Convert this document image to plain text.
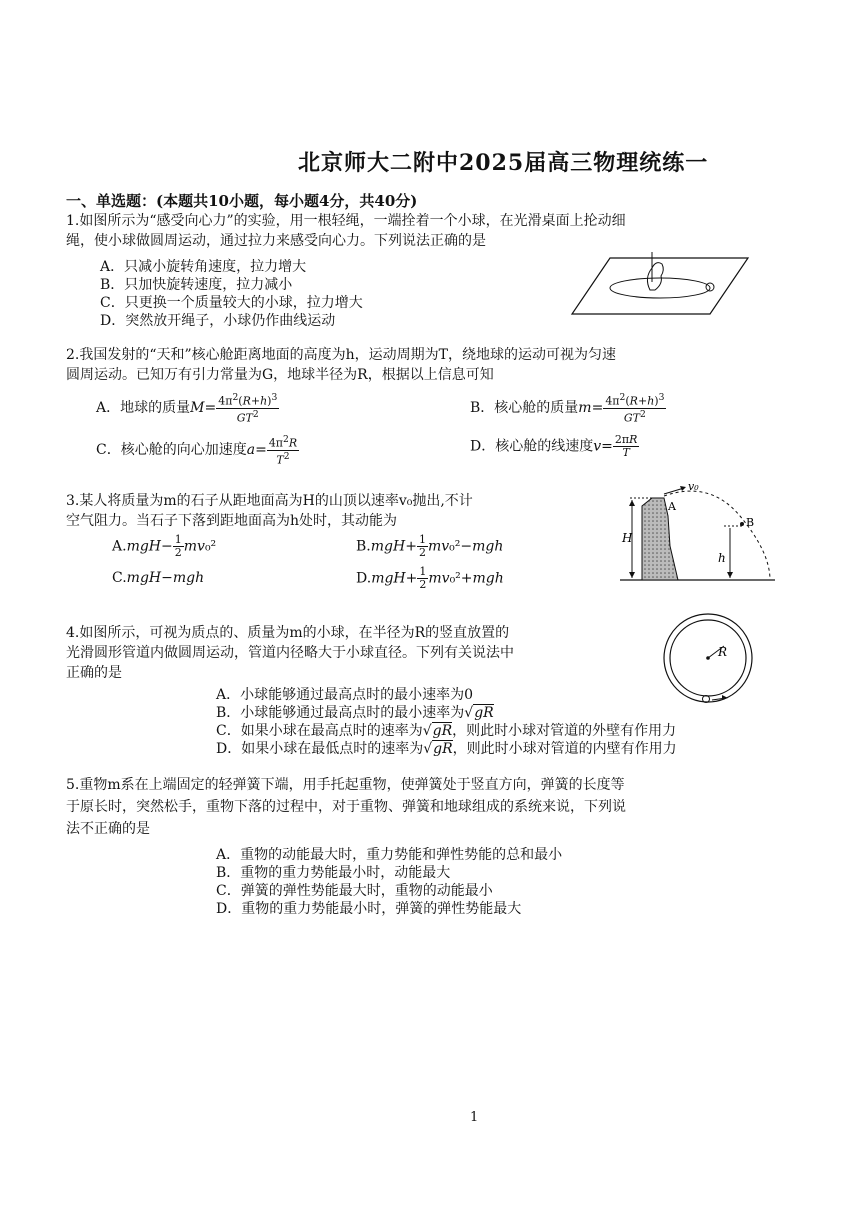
北京师大二附中2025届高三物理统练一
一、单选题：(本题共10小题，每小题4分，共40分)
1.如图所示为“感受向心力”的实验，用一根轻绳，一端拴着一个小球，在光滑桌面上抡动细
绳，使小球做圆周运动，通过拉力来感受向心力。下列说法正确的是
A．只减小旋转角速度，拉力增大
B．只加快旋转速度，拉力减小
C．只更换一个质量较大的小球，拉力增大
D．突然放开绳子，小球仍作曲线运动
2.我国发射的“天和”核心舱距离地面的高度为h，运动周期为T，绕地球的运动可视为匀速
圆周运动。已知万有引力常量为G，地球半径为R，根据以上信息可知
A．地球的质量$M= \frac{4\pi^2(R+h)^3}{GT^2}$	B．核心舱的质量$m= \frac{4\pi^2(R+h)^3}{GT^2}$
C．核心舱的向心加速度$a= \frac{4\pi^2R}{T^2}$	D．核心舱的线速度$v= \frac{2\pi R}{T}$
3.某人将质量为m的石子从距地面高为H的山顶以速率v₀抛出,不计
空气阻力。当石子下落到距地面高为h处时，其动能为
$A.mgH- \frac{1}{2} mv_0^2$	$B.mgH+ \frac{1}{2} mv_0^2-mgh$
C.mgH−mgh	$D.mgH+ \frac{1}{2} mv_0^2+mgh$
H
v₀
A
B
h
4.如图所示，可视为质点的、质量为m的小球，在半径为R的竖直放置的
光滑圆形管道内做圆周运动，管道内径略大于小球直径。下列有关说法中
正确的是
A．小球能够通过最高点时的最小速率为0
B．小球能够通过最高点时的最小速率为√gR
C．如果小球在最高点时的速率为√gR，则此时小球对管道的外壁有作用力
D．如果小球在最低点时的速率为√gR，则此时小球对管道的内壁有作用力
R
5.重物m系在上端固定的轻弹簧下端，用手托起重物，使弹簧处于竖直方向，弹簧的长度等
于原长时，突然松手，重物下落的过程中，对于重物、弹簧和地球组成的系统来说，下列说
法不正确的是
A．重物的动能最大时，重力势能和弹性势能的总和最小
B．重物的重力势能最小时，动能最大
C．弹簧的弹性势能最大时，重物的动能最小
D．重物的重力势能最小时，弹簧的弹性势能最大
1
